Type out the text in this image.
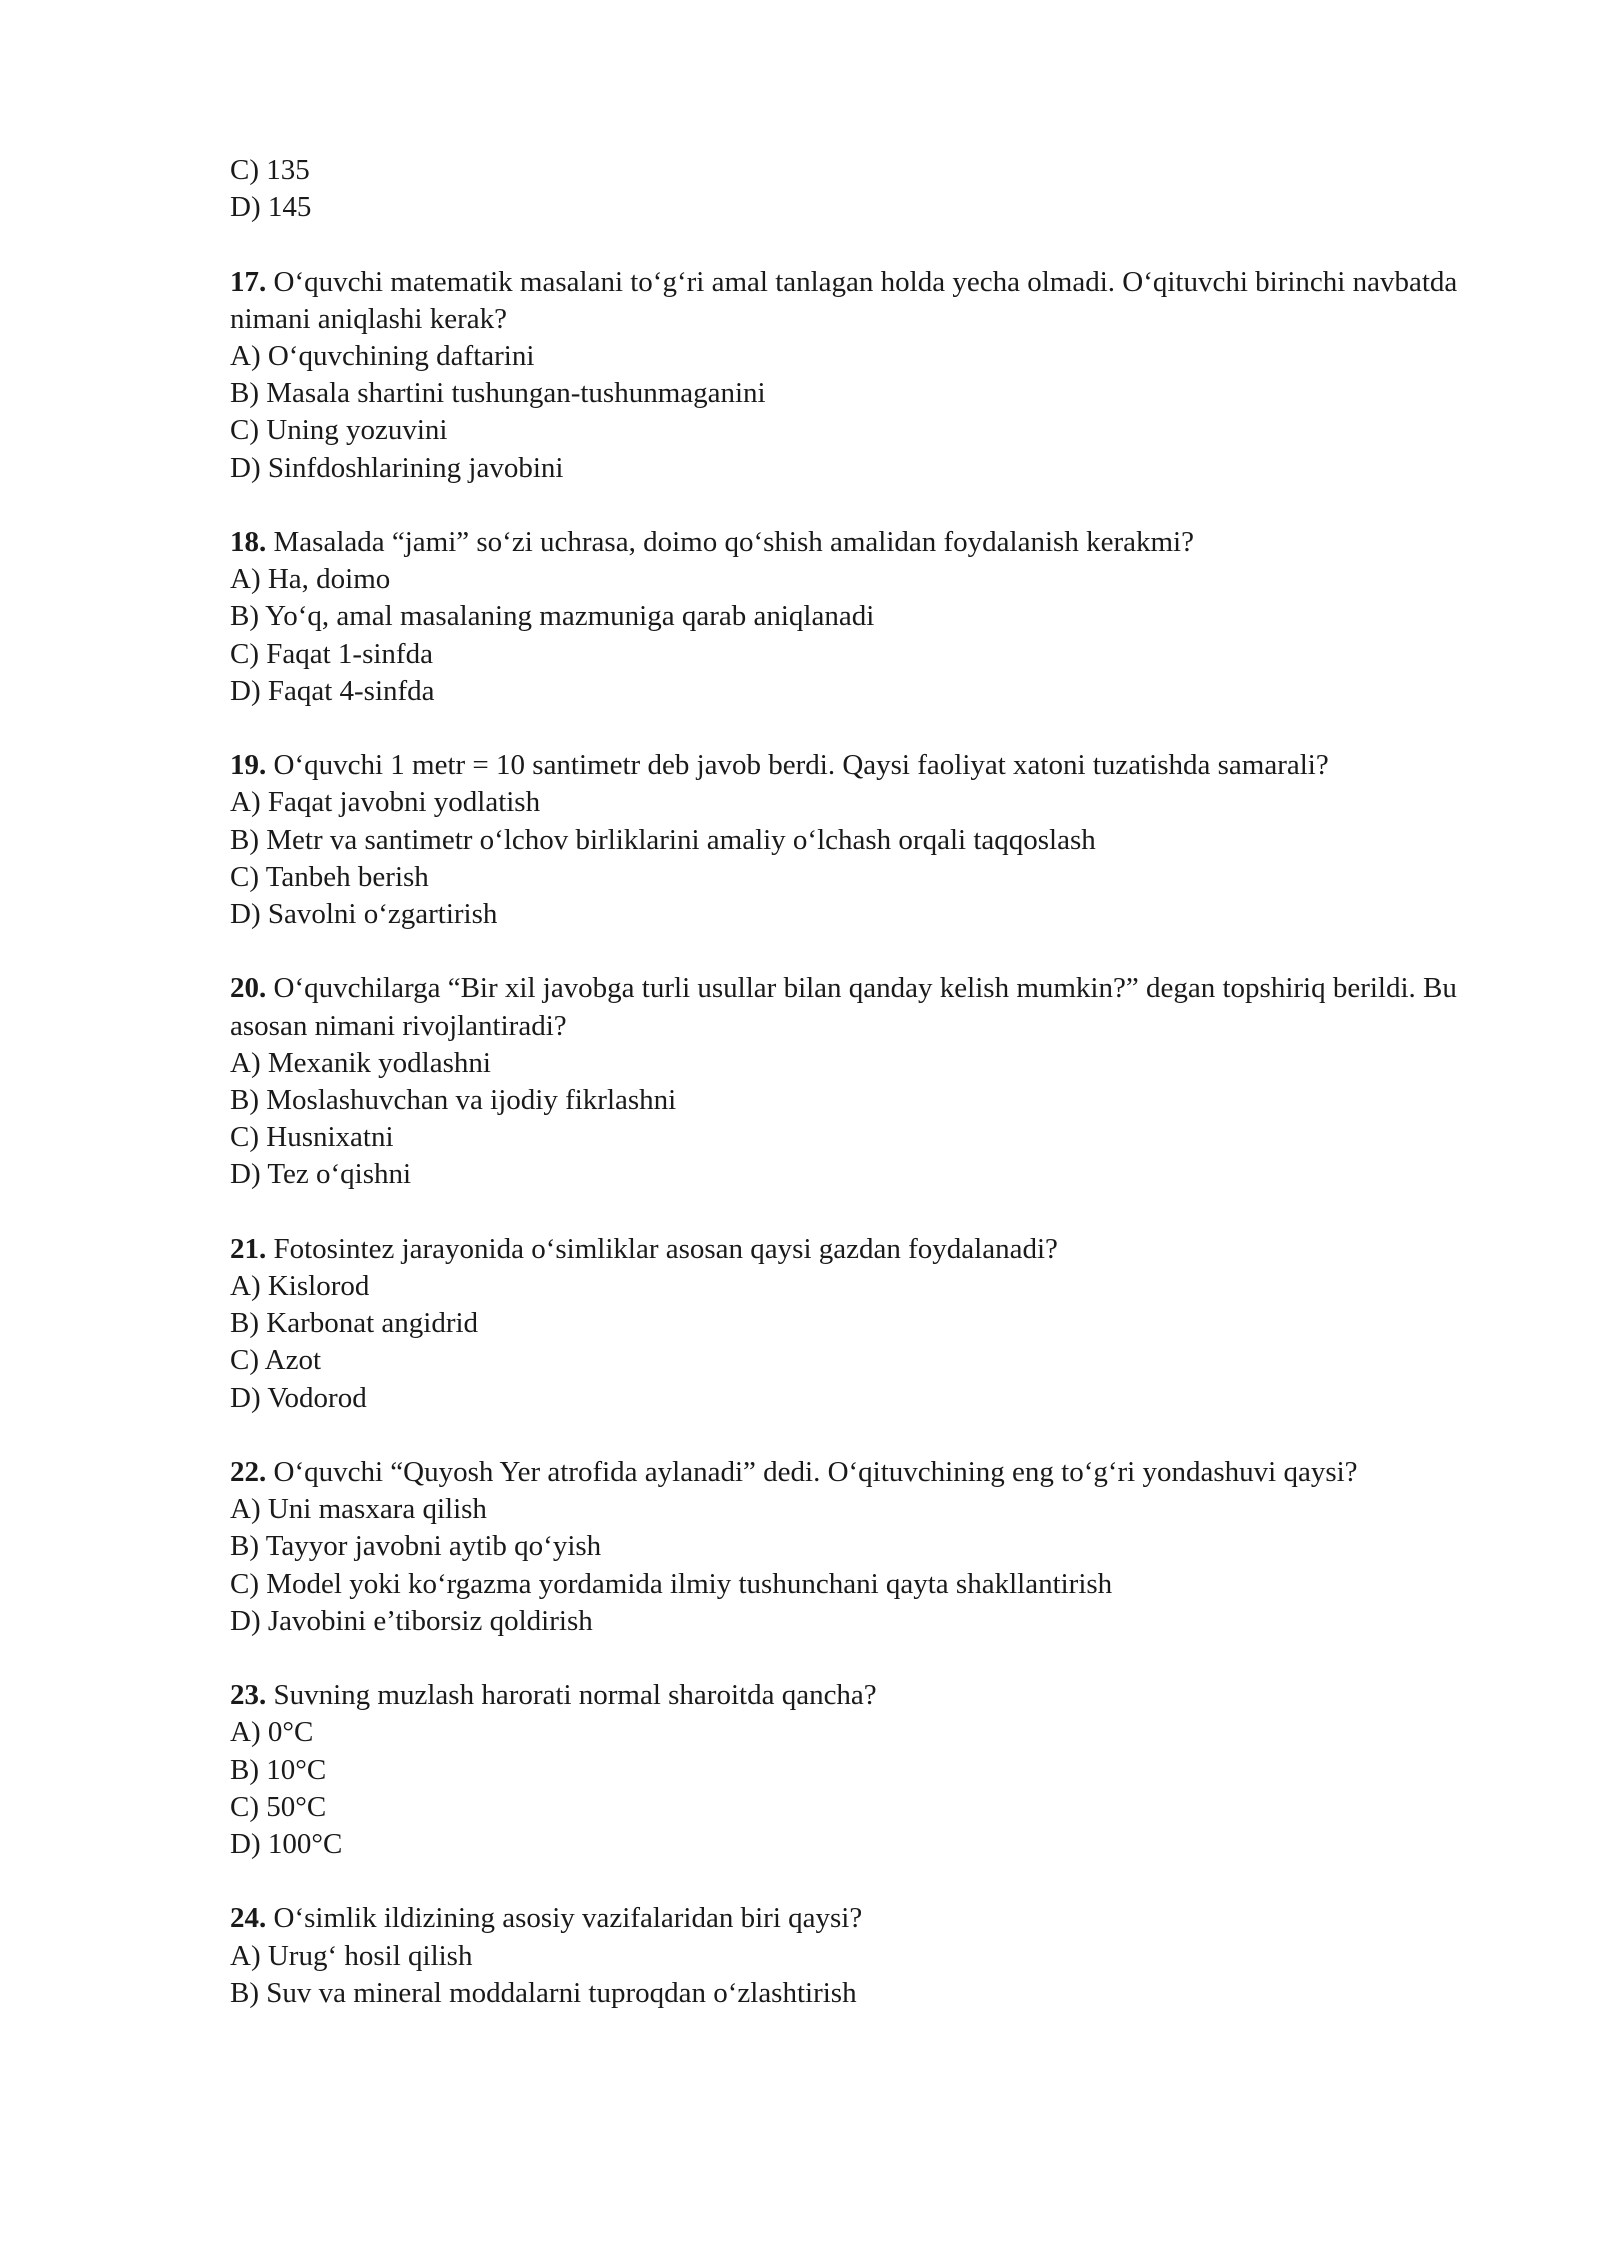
C) 135

D) 145

17. O‘quvchi matematik masalani to‘g‘ri amal tanlagan holda yecha olmadi. O‘qituvchi birinchi navbatda nimani aniqlashi kerak?

A) O‘quvchining daftarini

B) Masala shartini tushungan-tushunmaganini

C) Uning yozuvini

D) Sinfdoshlarining javobini

18. Masalada “jami” so‘zi uchrasa, doimo qo‘shish amalidan foydalanish kerakmi?

A) Ha, doimo

B) Yo‘q, amal masalaning mazmuniga qarab aniqlanadi

C) Faqat 1-sinfda

D) Faqat 4-sinfda

19. O‘quvchi 1 metr = 10 santimetr deb javob berdi. Qaysi faoliyat xatoni tuzatishda samarali?

A) Faqat javobni yodlatish

B) Metr va santimetr o‘lchov birliklarini amaliy o‘lchash orqali taqqoslash

C) Tanbeh berish

D) Savolni o‘zgartirish

20. O‘quvchilarga “Bir xil javobga turli usullar bilan qanday kelish mumkin?” degan topshiriq berildi. Bu asosan nimani rivojlantiradi?

A) Mexanik yodlashni

B) Moslashuvchan va ijodiy fikrlashni

C) Husnixatni

D) Tez o‘qishni

21. Fotosintez jarayonida o‘simliklar asosan qaysi gazdan foydalanadi?

A) Kislorod

B) Karbonat angidrid

C) Azot

D) Vodorod

22. O‘quvchi “Quyosh Yer atrofida aylanadi” dedi. O‘qituvchining eng to‘g‘ri yondashuvi qaysi?

A) Uni masxara qilish

B) Tayyor javobni aytib qo‘yish

C) Model yoki ko‘rgazma yordamida ilmiy tushunchani qayta shakllantirish

D) Javobini e’tiborsiz qoldirish

23. Suvning muzlash harorati normal sharoitda qancha?

A) 0°C

B) 10°C

C) 50°C

D) 100°C

24. O‘simlik ildizining asosiy vazifalaridan biri qaysi?

A) Urug‘ hosil qilish

B) Suv va mineral moddalarni tuproqdan o‘zlashtirish
